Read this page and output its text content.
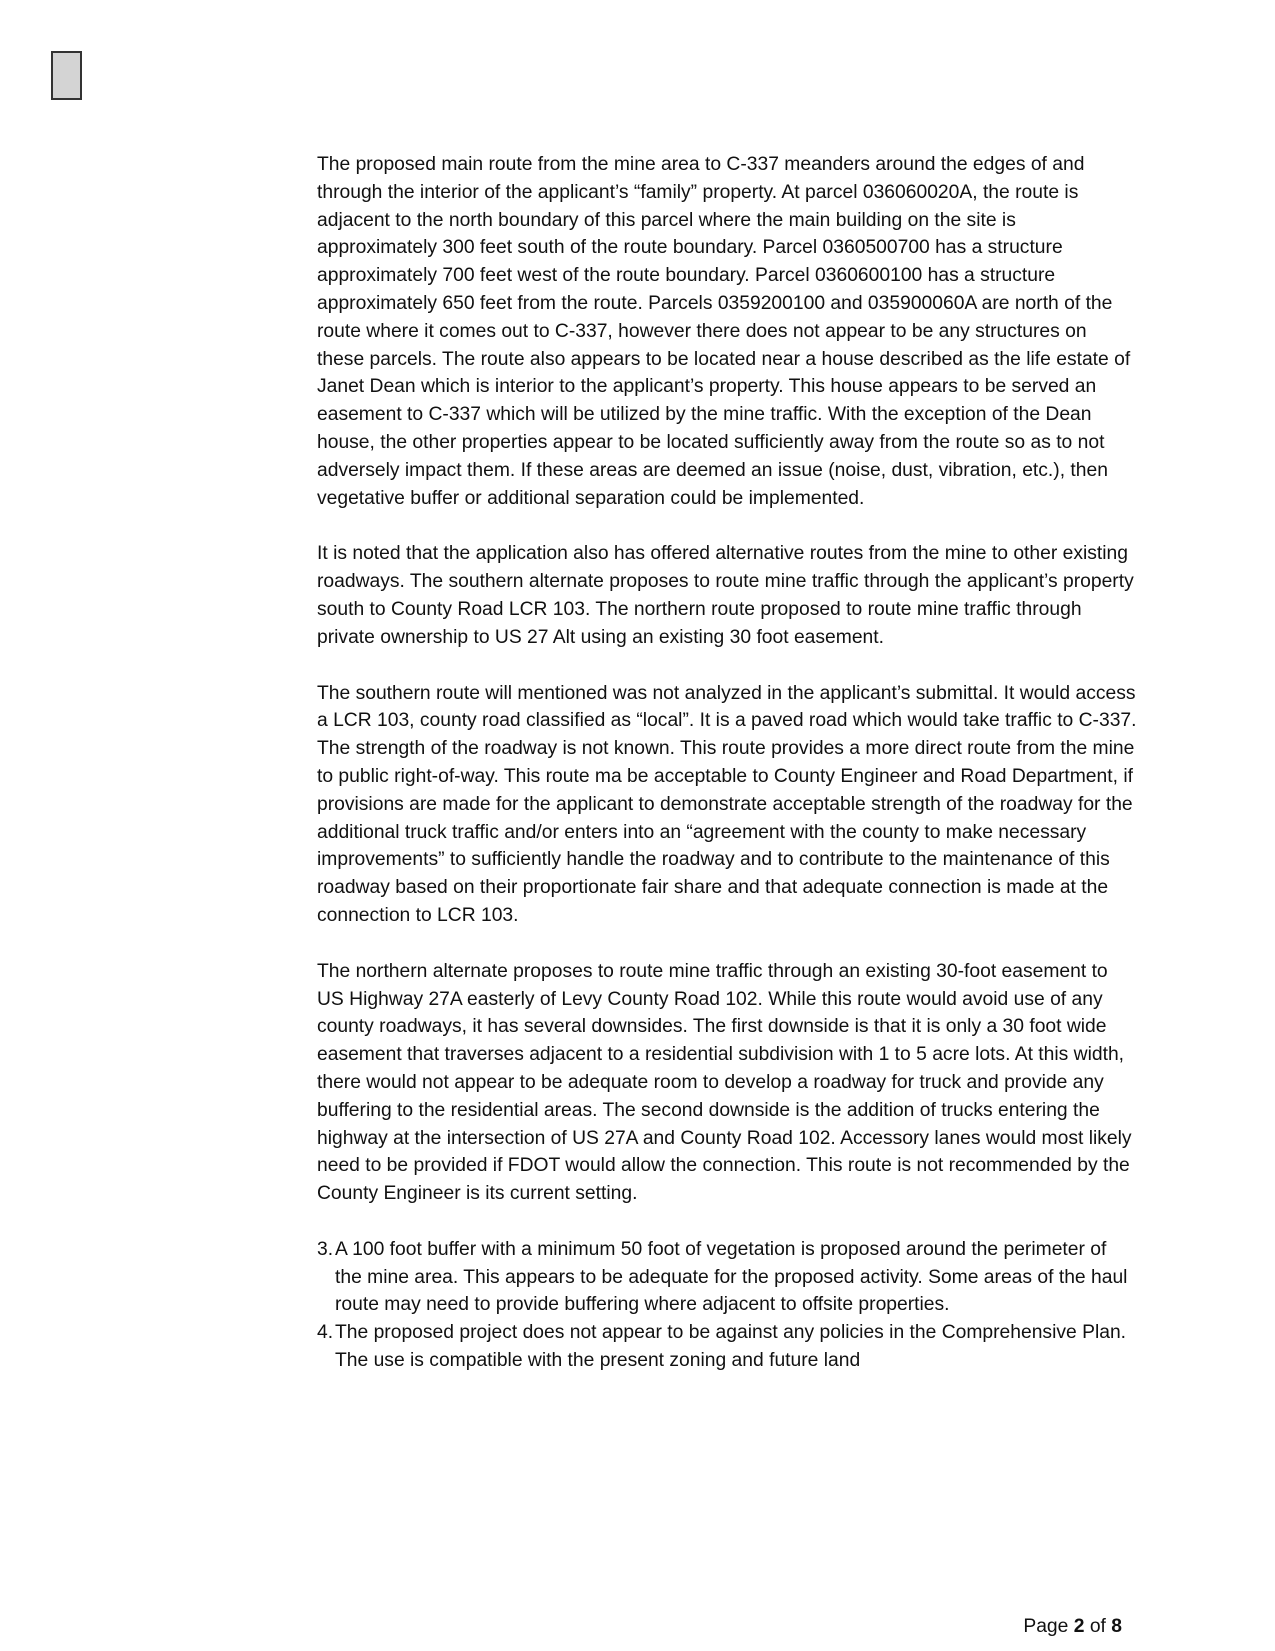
The proposed main route from the mine area to C-337 meanders around the edges of and through the interior of the applicant’s “family” property. At parcel 036060020A, the route is adjacent to the north boundary of this parcel where the main building on the site is approximately 300 feet south of the route boundary. Parcel 0360500700 has a structure approximately 700 feet west of the route boundary. Parcel 0360600100 has a structure approximately 650 feet from the route. Parcels 0359200100 and 035900060A are north of the route where it comes out to C-337, however there does not appear to be any structures on these parcels. The route also appears to be located near a house described as the life estate of Janet Dean which is interior to the applicant’s property. This house appears to be served an easement to C-337 which will be utilized by the mine traffic. With the exception of the Dean house, the other properties appear to be located sufficiently away from the route so as to not adversely impact them. If these areas are deemed an issue (noise, dust, vibration, etc.), then vegetative buffer or additional separation could be implemented.

It is noted that the application also has offered alternative routes from the mine to other existing roadways. The southern alternate proposes to route mine traffic through the applicant’s property south to County Road LCR 103. The northern route proposed to route mine traffic through private ownership to US 27 Alt using an existing 30 foot easement.

The southern route will mentioned was not analyzed in the applicant’s submittal. It would access a LCR 103, county road classified as “local”. It is a paved road which would take traffic to C-337. The strength of the roadway is not known. This route provides a more direct route from the mine to public right-of-way. This route ma be acceptable to County Engineer and Road Department, if provisions are made for the applicant to demonstrate acceptable strength of the roadway for the additional truck traffic and/or enters into an “agreement with the county to make necessary improvements” to sufficiently handle the roadway and to contribute to the maintenance of this roadway based on their proportionate fair share and that adequate connection is made at the connection to LCR 103.

The northern alternate proposes to route mine traffic through an existing 30-foot easement to US Highway 27A easterly of Levy County Road 102. While this route would avoid use of any county roadways, it has several downsides. The first downside is that it is only a 30 foot wide easement that traverses adjacent to a residential subdivision with 1 to 5 acre lots. At this width, there would not appear to be adequate room to develop a roadway for truck and provide any buffering to the residential areas. The second downside is the addition of trucks entering the highway at the intersection of US 27A and County Road 102. Accessory lanes would most likely need to be provided if FDOT would allow the connection. This route is not recommended by the County Engineer is its current setting.

3. A 100 foot buffer with a minimum 50 foot of vegetation is proposed around the perimeter of the mine area. This appears to be adequate for the proposed activity. Some areas of the haul route may need to provide buffering where adjacent to offsite properties.
4. The proposed project does not appear to be against any policies in the Comprehensive Plan. The use is compatible with the present zoning and future land
Page 2 of 8
